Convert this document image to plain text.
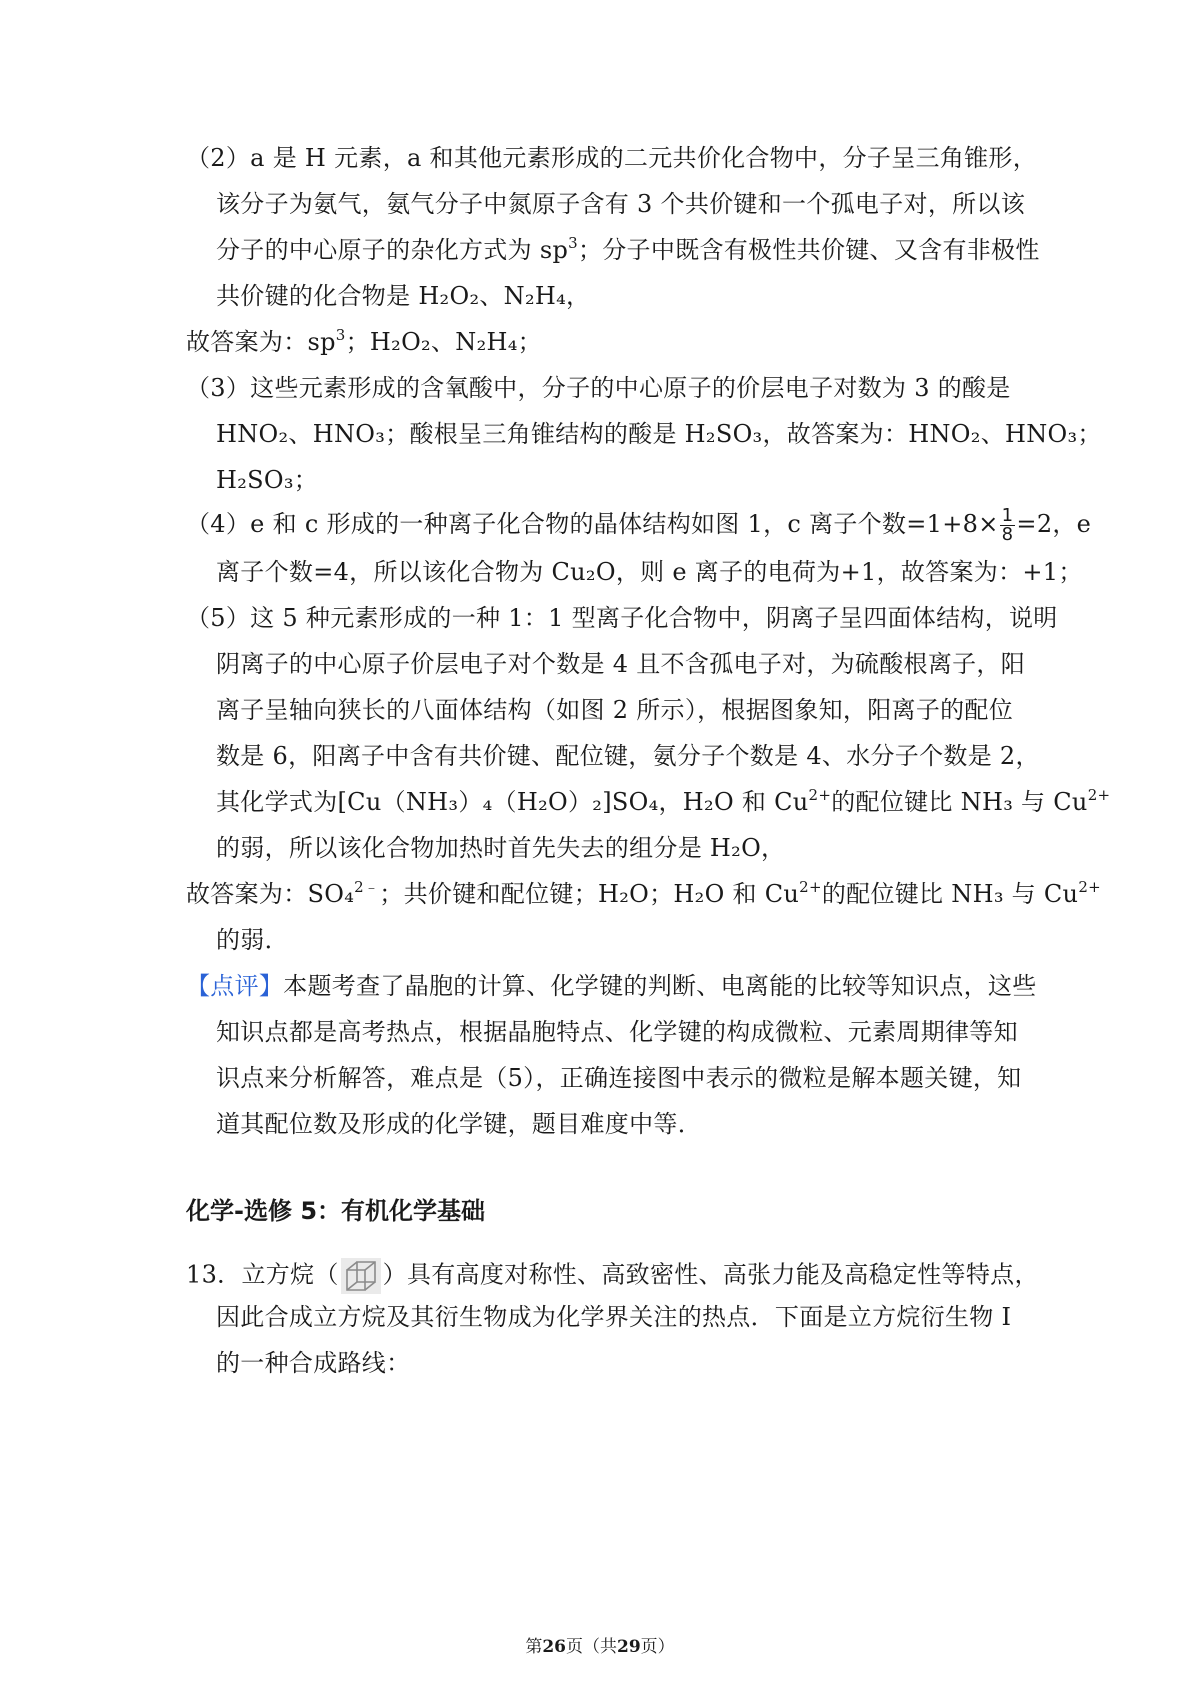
（2）a 是 H 元素，a 和其他元素形成的二元共价化合物中，分子呈三角锥形，
该分子为氨气，氨气分子中氮原子含有 3 个共价键和一个孤电子对，所以该
分子的中心原子的杂化方式为 $sp^3$；分子中既含有极性共价键、又含有非极性
共价键的化合物是 H₂O₂、N₂H₄，
故答案为：$sp^3$；H₂O₂、N₂H₄；
（3）这些元素形成的含氧酸中，分子的中心原子的价层电子对数为 3 的酸是
HNO₂、HNO₃；酸根呈三角锥结构的酸是 H₂SO₃，故答案为：HNO₂、HNO₃；
H₂SO₃；
（4）e 和 c 形成的一种离子化合物的晶体结构如图 1，c 离子个数$=1+8\times \frac{1}{8} =2$，e
离子个数=4，所以该化合物为 Cu₂O，则 e 离子的电荷为+1，故答案为：+1；
（5）这 5 种元素形成的一种 1：1 型离子化合物中，阴离子呈四面体结构，说明
阴离子的中心原子价层电子对个数是 4 且不含孤电子对，为硫酸根离子，阳
离子呈轴向狭长的八面体结构（如图 2 所示），根据图象知，阳离子的配位
数是 6，阳离子中含有共价键、配位键，氨分子个数是 4、水分子个数是 2，
其化学式为[Cu（NH₃）₄（H₂O）₂]SO₄，H₂O 和 $Cu^{2+}$的配位键比 NH₃ 与 $Cu^{2+}$
的弱，所以该化合物加热时首先失去的组分是 H₂O，
故答案为：SO₄$^{2﹣}$；共价键和配位键；H₂O；H₂O 和 $Cu^{2+}$的配位键比 NH₃ 与 $Cu^{2+}$
的弱．
【点评】本题考查了晶胞的计算、化学键的判断、电离能的比较等知识点，这些
知识点都是高考热点，根据晶胞特点、化学键的构成微粒、元素周期律等知
识点来分析解答，难点是（5），正确连接图中表示的微粒是解本题关键，知
道其配位数及形成的化学键，题目难度中等．
化学-选修 5：有机化学基础
13．立方烷（ ）具有高度对称性、高致密性、高张力能及高稳定性等特点，
因此合成立方烷及其衍生物成为化学界关注的热点．下面是立方烷衍生物 I
的一种合成路线：
第26页（共29页）
